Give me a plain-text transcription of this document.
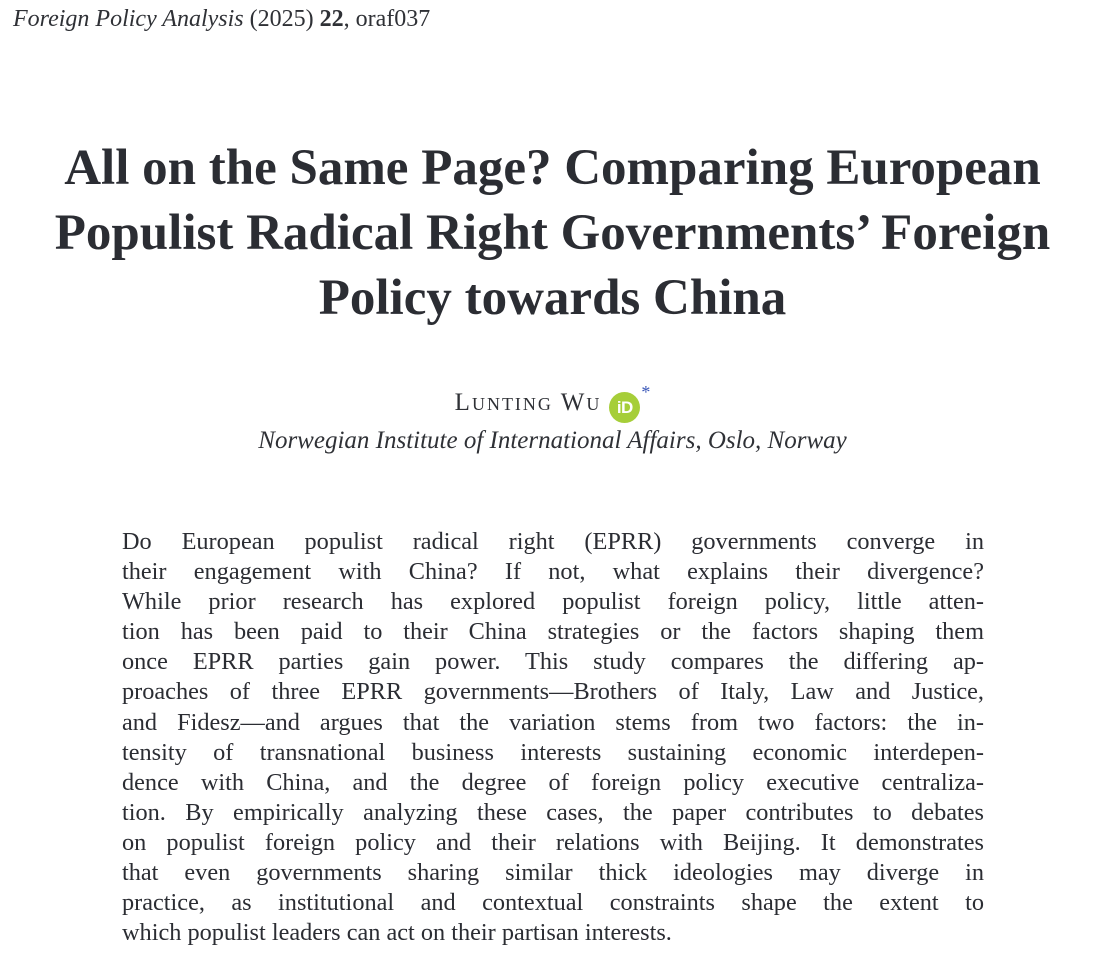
Foreign Policy Analysis (2025) 22, oraf037
All on the Same Page? Comparing European
Populist Radical Right Governments’ Foreign
Policy towards China
Lunting Wu iD*
Norwegian Institute of International Affairs, Oslo, Norway
Do European populist radical right (EPRR) governments converge in
their engagement with China? If not, what explains their divergence?
While prior research has explored populist foreign policy, little atten-
tion has been paid to their China strategies or the factors shaping them
once EPRR parties gain power. This study compares the differing ap-
proaches of three EPRR governments—Brothers of Italy, Law and Justice,
and Fidesz—and argues that the variation stems from two factors: the in-
tensity of transnational business interests sustaining economic interdepen-
dence with China, and the degree of foreign policy executive centraliza-
tion. By empirically analyzing these cases, the paper contributes to debates
on populist foreign policy and their relations with Beijing. It demonstrates
that even governments sharing similar thick ideologies may diverge in
practice, as institutional and contextual constraints shape the extent to
which populist leaders can act on their partisan interests.
